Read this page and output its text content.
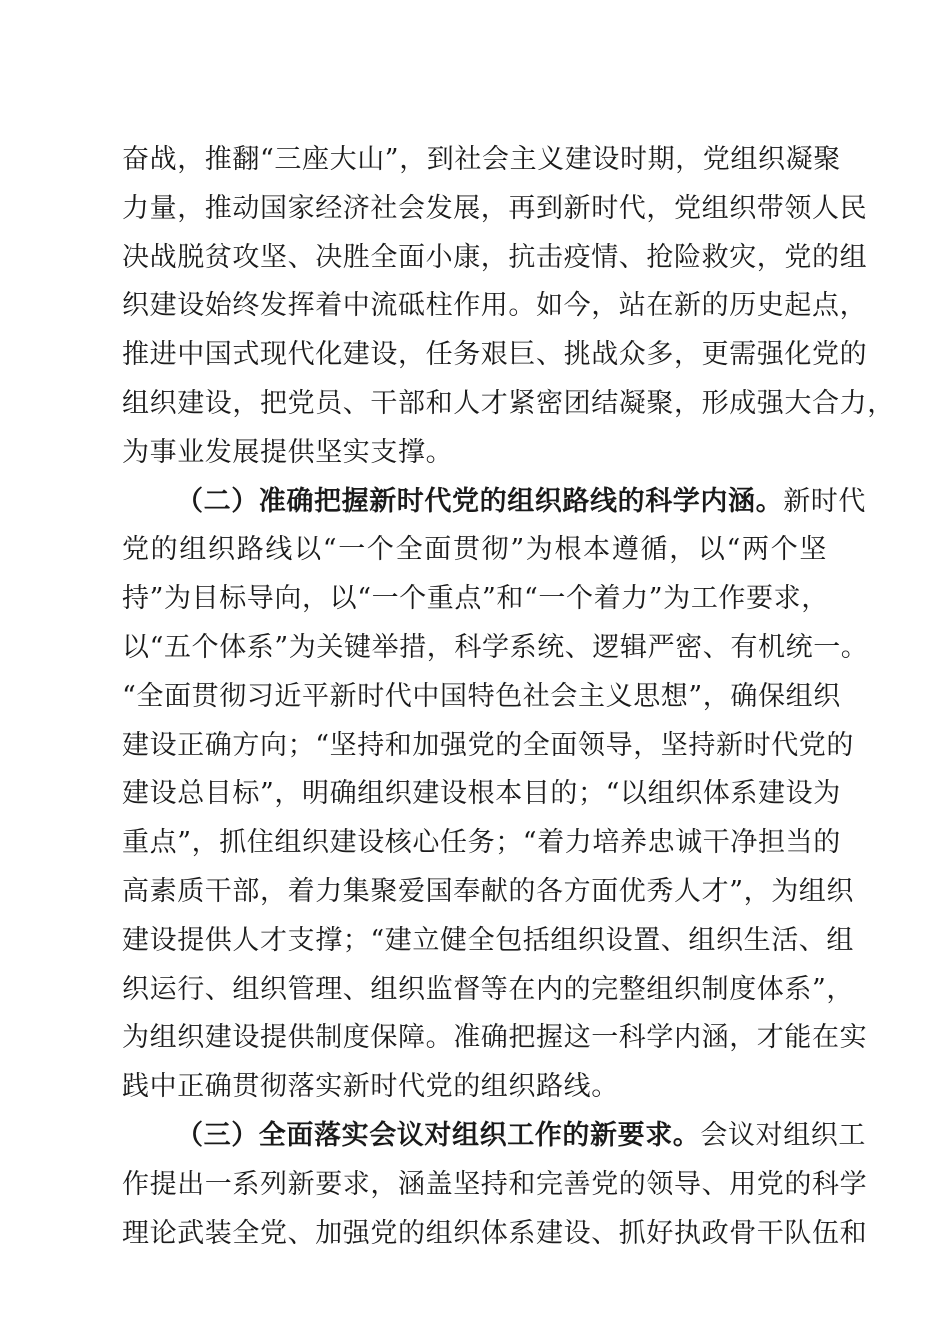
奋战，推翻“三座大山”，到社会主义建设时期，党组织凝聚
力量，推动国家经济社会发展，再到新时代，党组织带领人民
决战脱贫攻坚、决胜全面小康，抗击疫情、抢险救灾，党的组
织建设始终发挥着中流砥柱作用。如今，站在新的历史起点，
推进中国式现代化建设，任务艰巨、挑战众多，更需强化党的
组织建设，把党员、干部和人才紧密团结凝聚，形成强大合力，
为事业发展提供坚实支撑。

（二）准确把握新时代党的组织路线的科学内涵。新时代
党的组织路线以“一个全面贯彻”为根本遵循，以“两个坚
持”为目标导向，以“一个重点”和“一个着力”为工作要求，
以“五个体系”为关键举措，科学系统、逻辑严密、有机统一。
“全面贯彻习近平新时代中国特色社会主义思想”，确保组织
建设正确方向；“坚持和加强党的全面领导，坚持新时代党的
建设总目标”，明确组织建设根本目的；“以组织体系建设为
重点”，抓住组织建设核心任务；“着力培养忠诚干净担当的
高素质干部，着力集聚爱国奉献的各方面优秀人才”，为组织
建设提供人才支撑；“建立健全包括组织设置、组织生活、组
织运行、组织管理、组织监督等在内的完整组织制度体系”，
为组织建设提供制度保障。准确把握这一科学内涵，才能在实
践中正确贯彻落实新时代党的组织路线。

（三）全面落实会议对组织工作的新要求。会议对组织工
作提出一系列新要求，涵盖坚持和完善党的领导、用党的科学
理论武装全党、加强党的组织体系建设、抓好执政骨干队伍和
